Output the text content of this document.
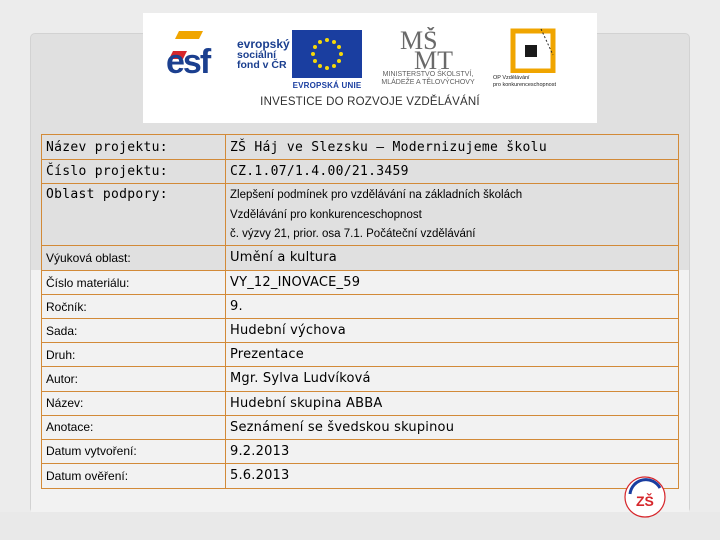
esf evropský
sociální
fond v ČR
EVROPSKÁ UNIE
MŠ
MT
MINISTERSTVO ŠKOLSTVÍ,
MLÁDEŽE A TĚLOVÝCHOVY
OP Vzdělávání
pro konkurenceschopnost
INVESTICE DO ROZVOJE VZDĚLÁVÁNÍ
Název projektu:	ZŠ Háj ve Slezsku – Modernizujeme školu
Číslo projektu:	CZ.1.07/1.4.00/21.3459
Oblast podpory:	Zlepšení podmínek pro vzdělávání na základních školách
Vzdělávání pro konkurenceschopnost
č. výzvy 21, prior. osa 7.1. Počáteční vzdělávání

Výuková oblast:	Umění a kultura
Číslo materiálu:	VY_12_INOVACE_59
Ročník:	9.
Sada:	Hudební výchova
Druh:	Prezentace
Autor:	Mgr. Sylva Ludvíková
Název:	Hudební skupina ABBA
Anotace:	Seznámení se švedskou skupinou
Datum vytvoření:	9.2.2013
Datum ověření:	5.6.2013
ZŠ
